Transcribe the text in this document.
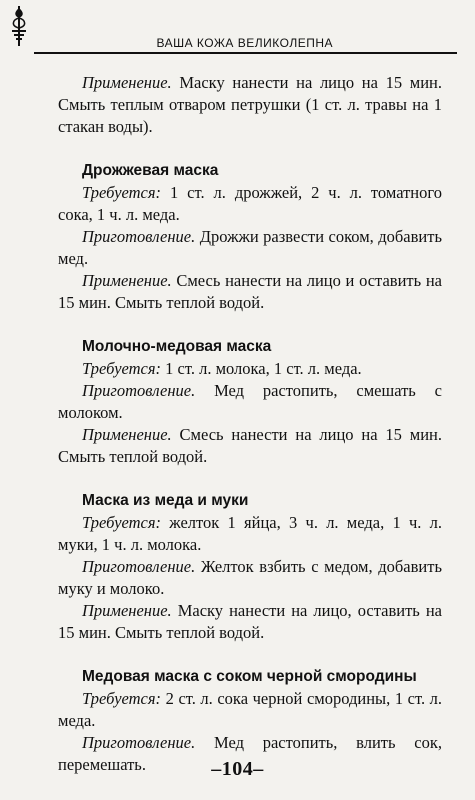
ВАША КОЖА ВЕЛИКОЛЕПНА

Применение. Маску нанести на лицо на 15 мин. Смыть теплым отваром петрушки (1 ст. л. травы на 1 стакан воды).

Дрожжевая маска

Требуется: 1 ст. л. дрожжей, 2 ч. л. томатного сока, 1 ч. л. меда.

Приготовление. Дрожжи развести соком, добавить мед.

Применение. Смесь нанести на лицо и оставить на 15 мин. Смыть теплой водой.

Молочно-медовая маска

Требуется: 1 ст. л. молока, 1 ст. л. меда.

Приготовление. Мед растопить, смешать с молоком.

Применение. Смесь нанести на лицо на 15 мин. Смыть теплой водой.

Маска из меда и муки

Требуется: желток 1 яйца, 3 ч. л. меда, 1 ч. л. муки, 1 ч. л. молока.

Приготовление. Желток взбить с медом, добавить муку и молоко.

Применение. Маску нанести на лицо, оставить на 15 мин. Смыть теплой водой.

Медовая маска с соком черной смородины

Требуется: 2 ст. л. сока черной смородины, 1 ст. л. меда.

Приготовление. Мед растопить, влить сок, перемешать.	–104–
